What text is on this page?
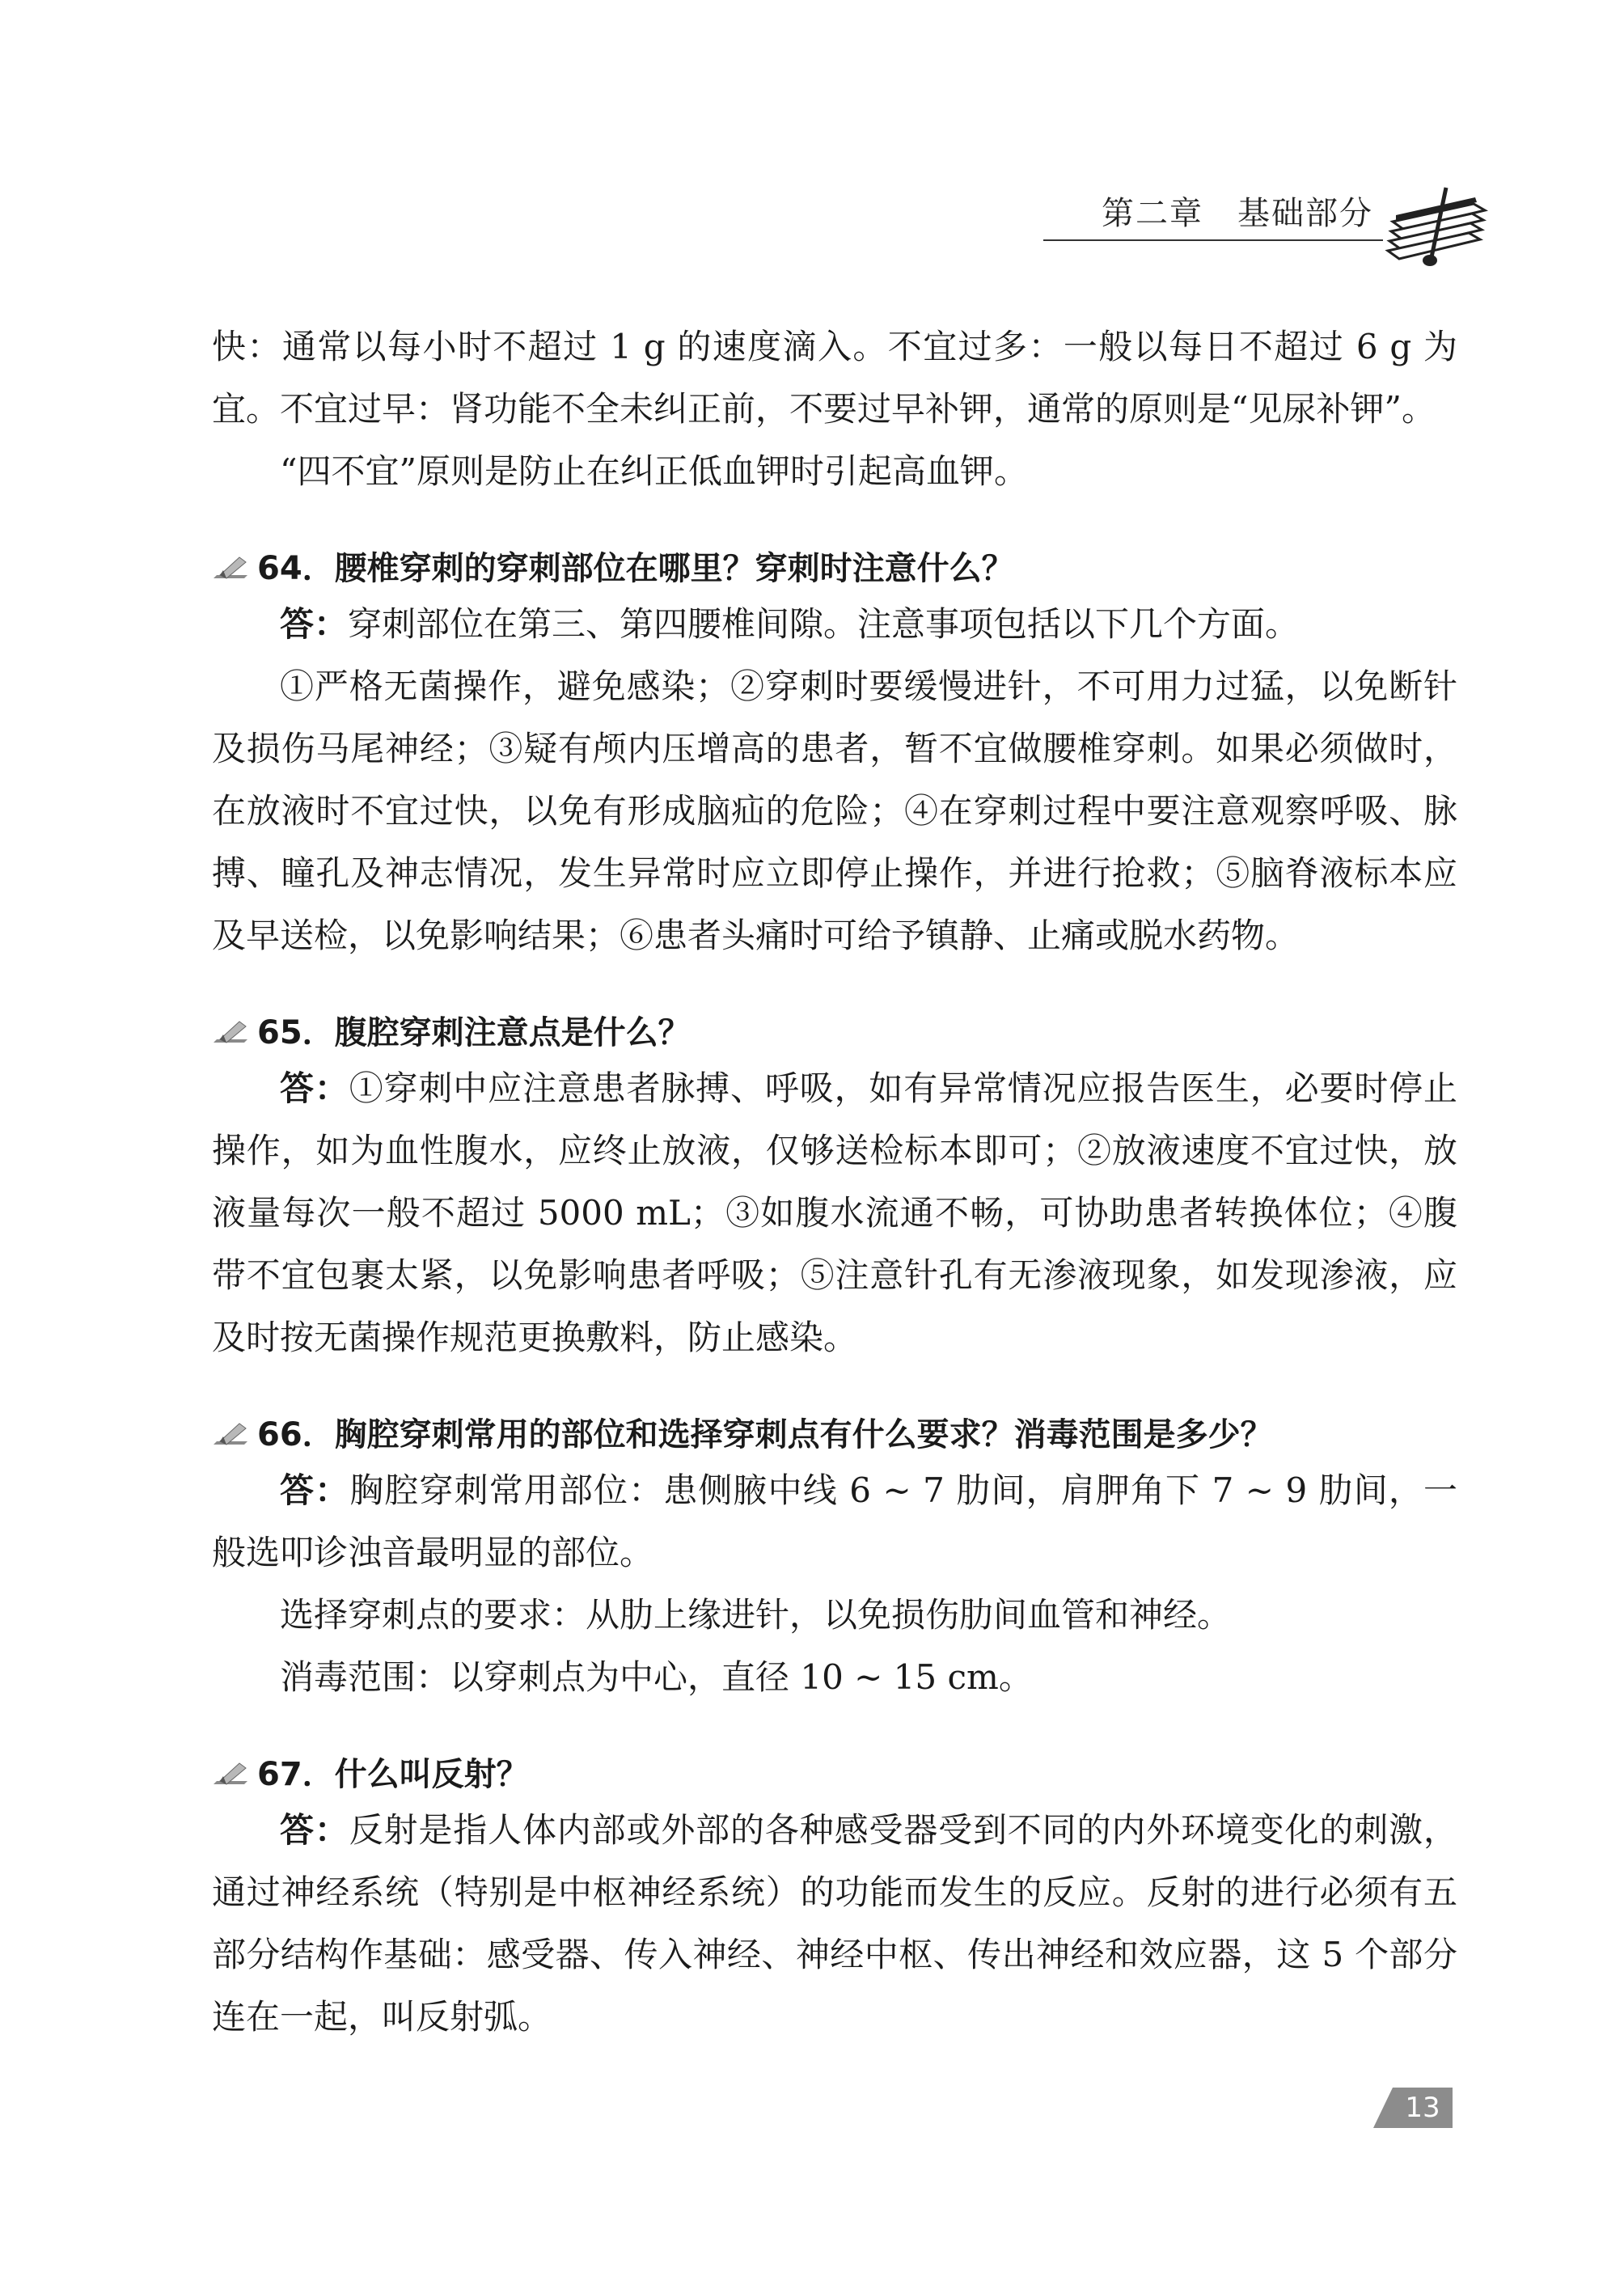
第二章　基础部分

快：通常以每小时不超过 1 g 的速度滴入。不宜过多：一般以每日不超过 6 g 为宜。不宜过早：肾功能不全未纠正前，不要过早补钾，通常的原则是“见尿补钾”。

“四不宜”原则是防止在纠正低血钾时引起高血钾。

64．腰椎穿刺的穿刺部位在哪里？穿刺时注意什么？

答：穿刺部位在第三、第四腰椎间隙。注意事项包括以下几个方面。

①严格无菌操作，避免感染；②穿刺时要缓慢进针，不可用力过猛，以免断针及损伤马尾神经；③疑有颅内压增高的患者，暂不宜做腰椎穿刺。如果必须做时，在放液时不宜过快，以免有形成脑疝的危险；④在穿刺过程中要注意观察呼吸、脉搏、瞳孔及神志情况，发生异常时应立即停止操作，并进行抢救；⑤脑脊液标本应及早送检，以免影响结果；⑥患者头痛时可给予镇静、止痛或脱水药物。

65．腹腔穿刺注意点是什么？

答：①穿刺中应注意患者脉搏、呼吸，如有异常情况应报告医生，必要时停止操作，如为血性腹水，应终止放液，仅够送检标本即可；②放液速度不宜过快，放液量每次一般不超过 5000 mL；③如腹水流通不畅，可协助患者转换体位；④腹带不宜包裹太紧，以免影响患者呼吸；⑤注意针孔有无渗液现象，如发现渗液，应及时按无菌操作规范更换敷料，防止感染。

66．胸腔穿刺常用的部位和选择穿刺点有什么要求？消毒范围是多少？

答：胸腔穿刺常用部位：患侧腋中线 6 ~ 7 肋间，肩胛角下 7 ~ 9 肋间，一般选叩诊浊音最明显的部位。

选择穿刺点的要求：从肋上缘进针，以免损伤肋间血管和神经。

消毒范围：以穿刺点为中心，直径 10 ~ 15 cm。

67．什么叫反射？

答：反射是指人体内部或外部的各种感受器受到不同的内外环境变化的刺激，通过神经系统（特别是中枢神经系统）的功能而发生的反应。反射的进行必须有五部分结构作基础：感受器、传入神经、神经中枢、传出神经和效应器，这 5 个部分连在一起，叫反射弧。

13
